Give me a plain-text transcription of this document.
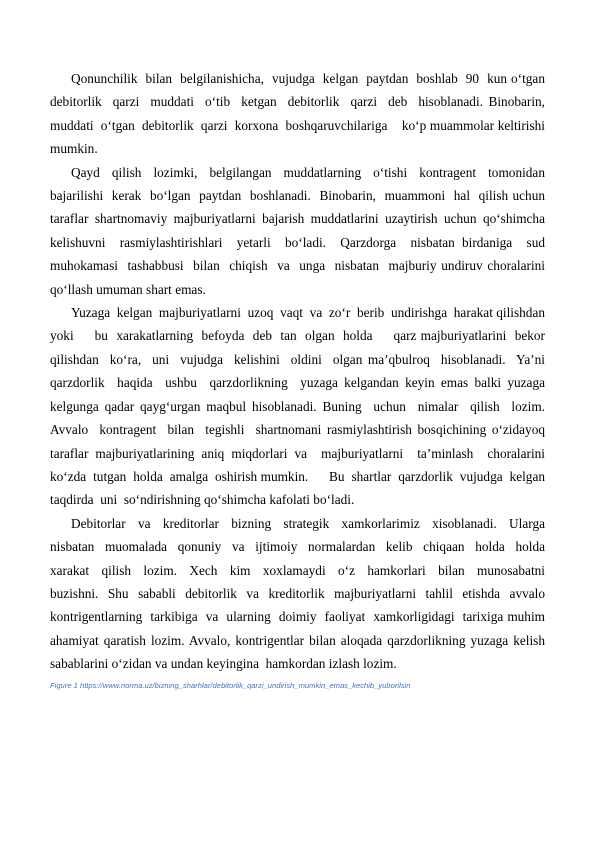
Qonunchilik  bilan  belgilanishicha,  vujudga  kelgan  paytdan  boshlab  90  kun o‘tgan  debitorlik  qarzi  muddati  o‘tib  ketgan  debitorlik  qarzi  deb  hisoblanadi. Binobarin,  muddati  o‘tgan  debitorlik  qarzi  korxona  boshqaruvchilariga    ko‘p muammolar keltirishi mumkin.

Qayd  qilish  lozimki,  belgilangan  muddatlarning  o‘tishi  kontragent  tomonidan bajarilishi  kerak  bo‘lgan  paytdan  boshlanadi.  Binobarin,  muammoni  hal  qilish uchun  taraflar shartnomaviy majburiyatlarni bajarish muddatlarini uzaytirish uchun qo‘shimcha  kelishuvni  rasmiylashtirishlari  yetarli  bo‘ladi.  Qarzdorga  nisbatan birdaniga  sud  muhokamasi  tashabbusi  bilan  chiqish  va  unga  nisbatan  majburiy undiruv choralarini qo‘llash umuman shart emas.

Yuzaga  kelgan  majburiyatlarni  uzoq  vaqt  va  zo‘r  berib  undirishga  harakat qilishdan     yoki     bu  xarakatlarning  befoyda  deb  tan  olgan  holda     qarz majburiyatlarini  bekor  qilishdan  ko‘ra,  uni  vujudga  kelishini  oldini  olgan ma’qbulroq  hisoblanadi.  Ya’ni  qarzdorlik  haqida  ushbu  qarzdorlikning  yuzaga kelgandan keyin emas balki yuzaga kelgunga qadar qayg‘urgan maqbul hisoblanadi. Buning  uchun  nimalar  qilish  lozim.  Avvalo  kontragent  bilan  tegishli  shartnomani rasmiylashtirish bosqichining o‘zidayoq taraflar majburiyatlarining aniq miqdorlari va  majburiyatlarni  ta’minlash  choralarini   ko‘zda  tutgan  holda  amalga  oshirish mumkin.      Bu  shartlar  qarzdorlik  vujudga  kelgan  taqdirda  uni  so‘ndirishning qo‘shimcha kafolati bo‘ladi.

Debitorlar  va  kreditorlar  bizning  strategik  xamkorlarimiz  xisoblanadi.  Ularga nisbatan  muomalada  qonuniy  va  ijtimoiy  normalardan  kelib  chiqaan  holda  holda xarakat  qilish  lozim.  Xech  kim  xoxlamaydi  o‘z  hamkorlari  bilan  munosabatni buzishni. Shu sababli debitorlik va kreditorlik majburiyatlarni tahlil etishda avvalo kontrigentlarning  tarkibiga  va  ularning  doimiy  faoliyat  xamkorligidagi  tarixiga muhim ahamiyat qaratish lozim. Avvalo, kontrigentlar bilan aloqada qarzdorlikning yuzaga kelish sabablarini o‘zidan va undan keyingina  hamkordan izlash lozim.

Figure 1 https://www.norma.uz/bizning_sharhlar/debitorlik_qarzi_undirish_mumkin_emas_kechib_yuborilsin
